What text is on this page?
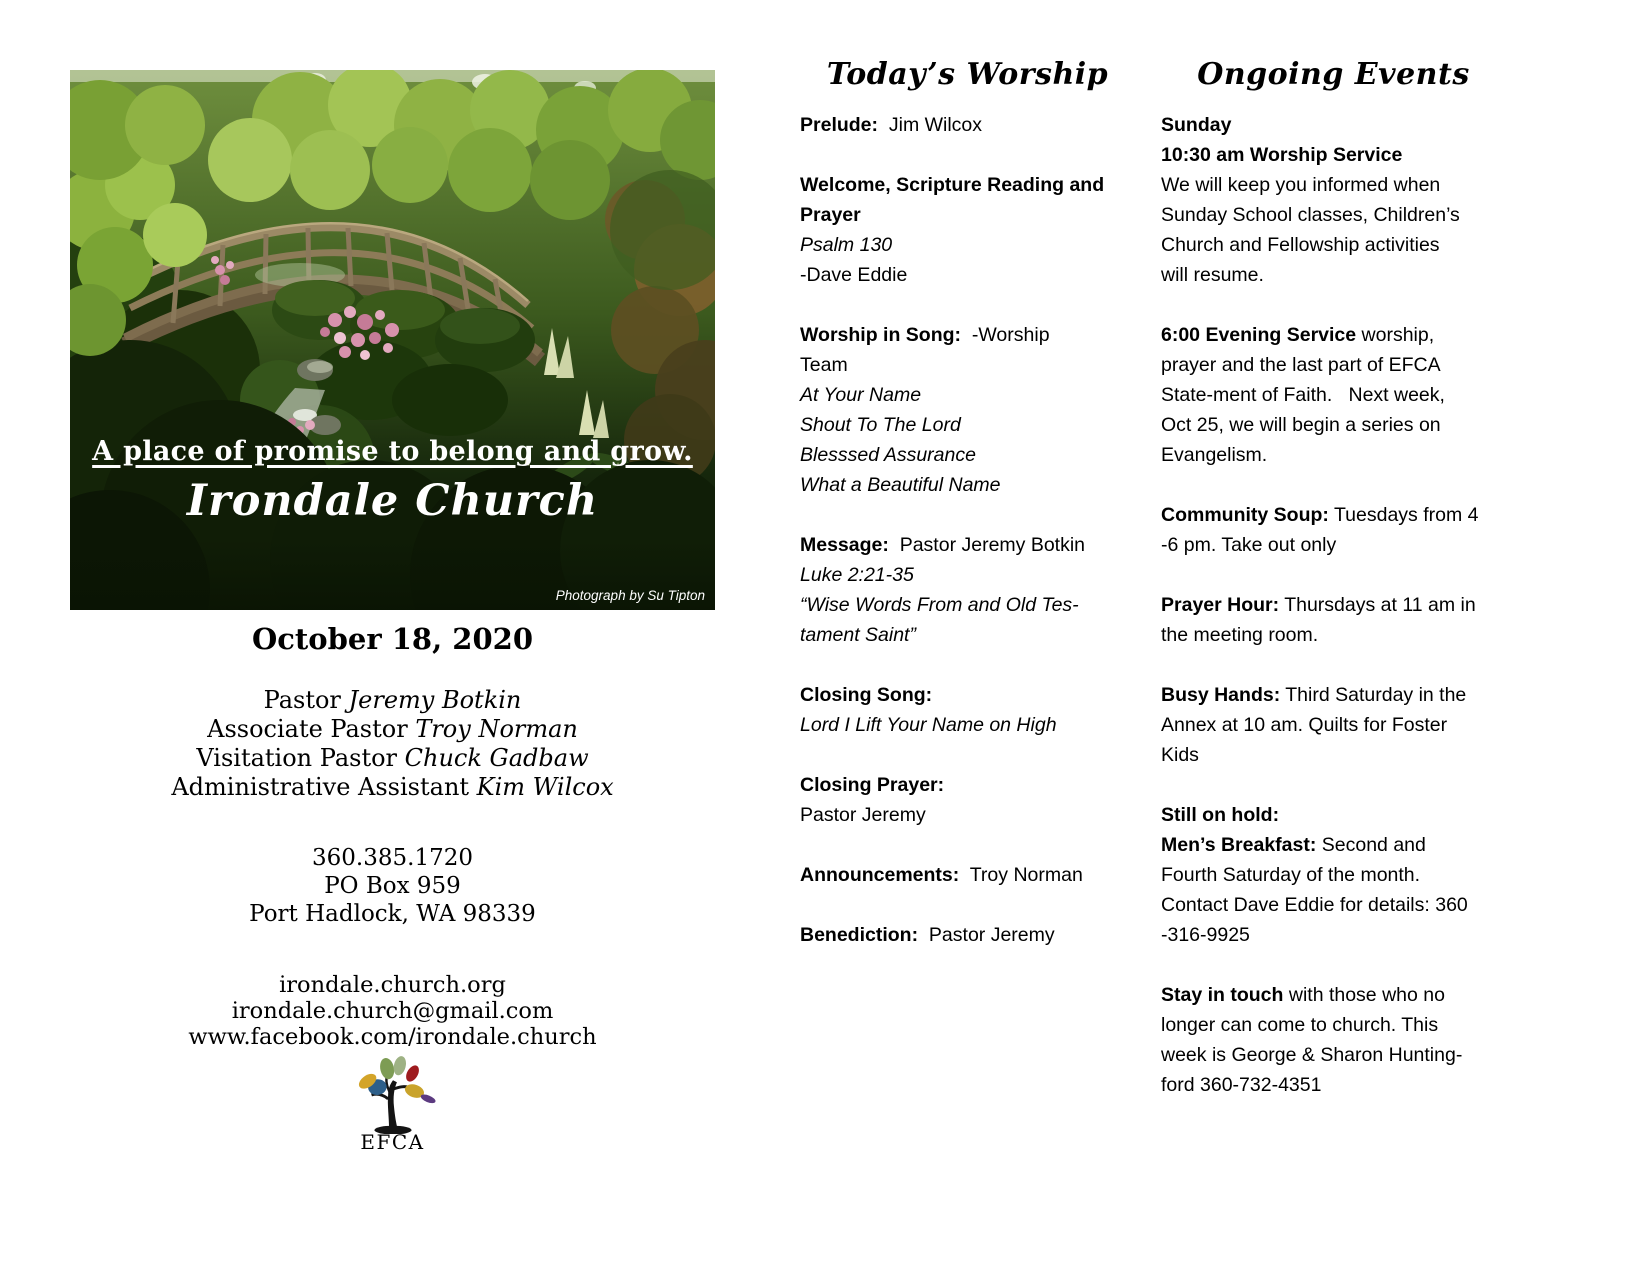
A place of promise to belong and grow.
Irondale Church
Photograph by Su Tipton
October 18, 2020
Pastor Jeremy Botkin
Associate Pastor Troy Norman
Visitation Pastor Chuck Gadbaw
Administrative Assistant Kim Wilcox
360.385.1720
PO Box 959
Port Hadlock, WA 98339
irondale.church.org
irondale.church@gmail.com
www.facebook.com/irondale.church
EFCA
Today’s Worship
Prelude:  Jim Wilcox
Welcome, Scripture Reading and
Prayer
Psalm 130
-Dave Eddie
Worship in Song:  -Worship
Team
At Your Name
Shout To The Lord
Blesssed Assurance
What a Beautiful Name
Message:  Pastor Jeremy Botkin
Luke 2:21-35
“Wise Words From and Old Tes-
tament Saint”
Closing Song:
Lord I Lift Your Name on High
Closing Prayer:
Pastor Jeremy
Announcements:  Troy Norman
Benediction:  Pastor Jeremy
Ongoing Events
Sunday
10:30 am Worship Service
We will keep you informed when
Sunday School classes, Children’s
Church and Fellowship activities
will resume.
6:00 Evening Service worship,
prayer and the last part of EFCA
State-ment of Faith.   Next week,
Oct 25, we will begin a series on
Evangelism.
Community Soup: Tuesdays from 4
-6 pm. Take out only
Prayer Hour: Thursdays at 11 am in
the meeting room.
Busy Hands: Third Saturday in the
Annex at 10 am. Quilts for Foster
Kids
Still on hold:
Men’s Breakfast: Second and
Fourth Saturday of the month.
Contact Dave Eddie for details: 360
-316-9925
Stay in touch with those who no
longer can come to church. This
week is George & Sharon Hunting-
ford 360-732-4351
